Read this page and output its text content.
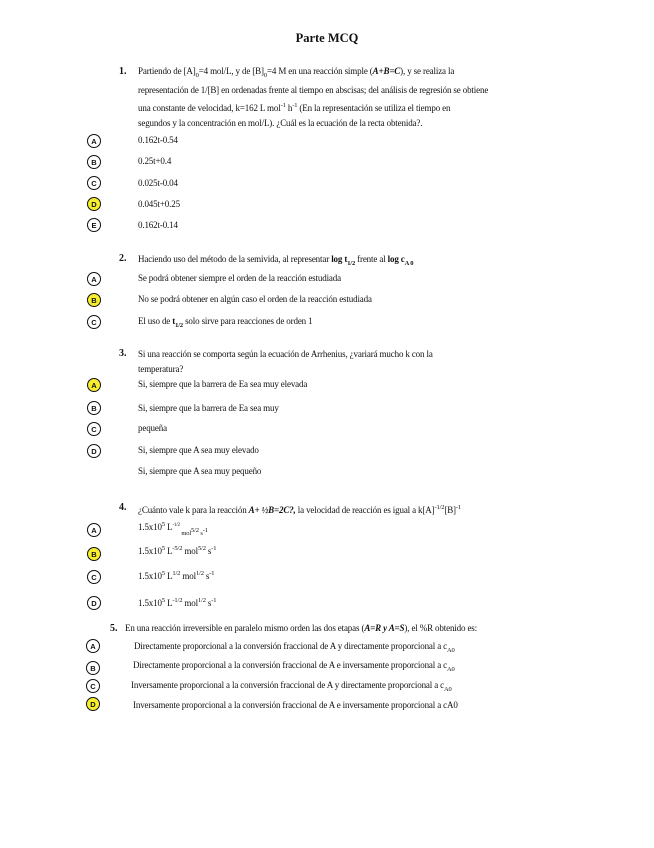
Parte MCQ
1. Partiendo de $[A]_0=4$ mol/L, y de $[B]_0=4$ M en una reacción simple (A+B=C), y se realiza la
representación de 1/[B] en ordenadas frente al tiempo en abscisas; del análisis de regresión se obtiene
una constante de velocidad, k=162 L mol$^{-1}$ $h^{-1}$ (En la representación se utiliza el tiempo en
segundos y la concentración en mol/L). ¿Cuál es la ecuación de la recta obtenida?.
A	0.162t-0.54
B	0.25t+0.4
C	0.025t-0.04
D	0.045t+0.25
E	0.162t-0.14
2. Haciendo uso del método de la semivida, al representar $\log t_{1/2}$ frente al $\log c_{A 0}$
A	Se podrá obtener siempre el orden de la reacción estudiada
B	No se podrá obtener en algún caso el orden de la reacción estudiada
C	El uso de $t_{1/2}$ solo sirve para reacciones de orden 1
3. Si una reacción se comporta según la ecuación de Arrhenius, ¿variará mucho k con la
temperatura?
A	Si, siempre que la barrera de Ea sea muy elevada
B	Si, siempre que la barrera de Ea sea muy
C	pequeña
D	Si, siempre que A sea muy elevado
Si, siempre que A sea muy pequeño
4. ¿Cuánto vale k para la reacción A+ ½B=2C?, la velocidad de reacción es igual a $k[A]^{-1/2}[B]^{-1}$
A	$1.5x10^5$ $L^{-1/2}$ $_{mol^{5/2} s^{-1}}$
B	$1.5x10^5$ $L^{-5/2}$ mol$^{5/2}$ $s^{-1}$
C	$1.5x10^5$ $L^{1/2}$ mol$^{1/2}$ $s^{-1}$
D	$1.5x10^5$ $L^{-1/2}$ mol$^{1/2}$ $s^{-1}$
5. En una reacción irreversible en paralelo mismo orden las dos etapas (A=R y A=S), el %R obtenido es:
A	Directamente proporcional a la conversión fraccional de A y directamente proporcional a $c_{A0}$
B	Directamente proporcional a la conversión fraccional de A e inversamente proporcional a $c_{A0}$
C	Inversamente proporcional a la conversión fraccional de A y directamente proporcional a $c_{A0}$
D	Inversamente proporcional a la conversión fraccional de A e inversamente proporcional a cA0
